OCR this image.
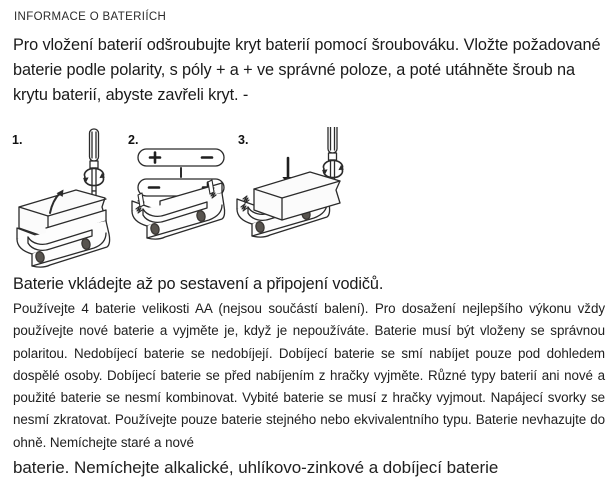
INFORMACE O BATERIÍCH
Pro vložení baterií odšroubujte kryt baterií pomocí šroubováku. Vložte požadované baterie podle polarity, s póly + a + ve správné poloze, a poté utáhněte šroub na krytu baterií, abyste zavřeli kryt. -
1.	2.	3.
Baterie vkládejte až po sestavení a připojení vodičů.
Používejte 4 baterie velikosti AA (nejsou součástí balení). Pro dosažení nejlepšího výkonu vždy používejte nové baterie a vyjměte je, když je nepoužíváte. Baterie musí být vloženy se správnou polaritou. Nedobíjecí baterie se nedobíjejí. Dobíjecí baterie se smí nabíjet pouze pod dohledem dospělé osoby. Dobíjecí baterie se před nabíjením z hračky vyjměte. Různé typy baterií ani nové a použité baterie se nesmí kombinovat. Vybité baterie se musí z hračky vyjmout. Napájecí svorky se nesmí zkratovat. Používejte pouze baterie stejného nebo ekvivalentního typu. Baterie nevhazujte do ohně. Nemíchejte staré a nové
baterie. Nemíchejte alkalické, uhlíkovo-zinkové a dobíjecí baterie
